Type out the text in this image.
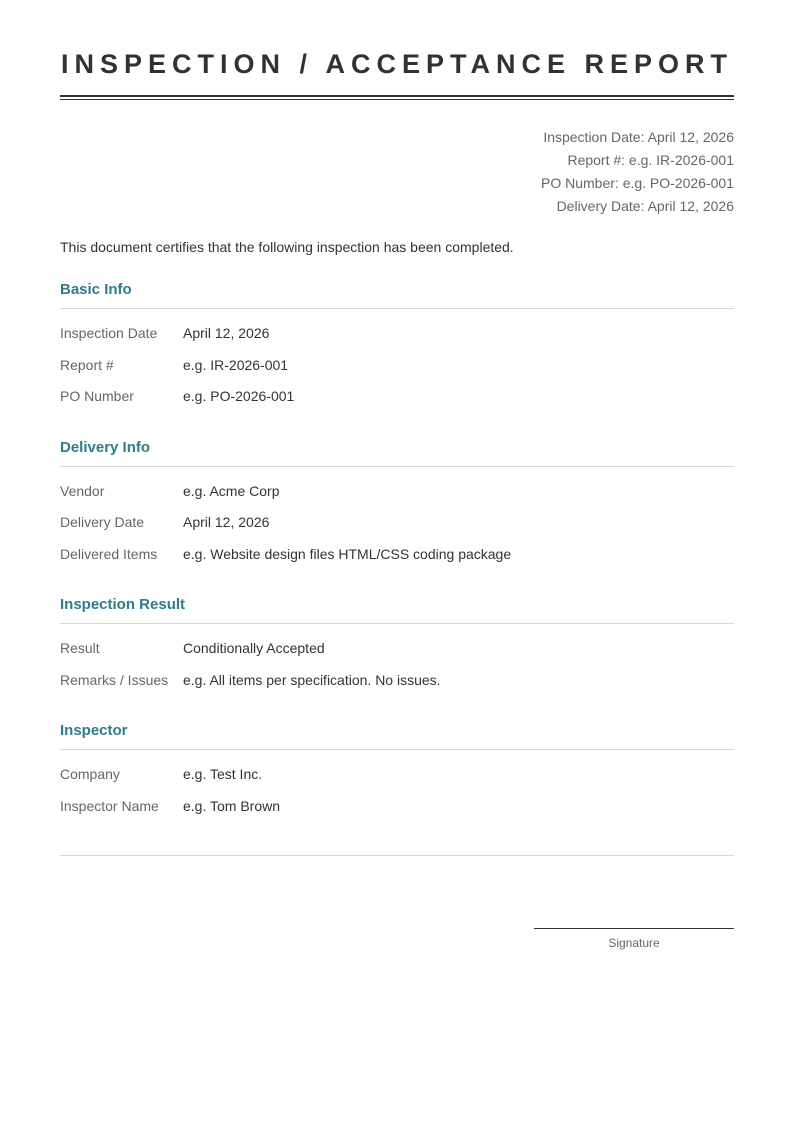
INSPECTION / ACCEPTANCE REPORT
Inspection Date: April 12, 2026
Report #: e.g. IR-2026-001
PO Number: e.g. PO-2026-001
Delivery Date: April 12, 2026
This document certifies that the following inspection has been completed.
Basic Info
Inspection Date	April 12, 2026
Report #	e.g. IR-2026-001
PO Number	e.g. PO-2026-001
Delivery Info
Vendor	e.g. Acme Corp
Delivery Date	April 12, 2026
Delivered Items	e.g. Website design files HTML/CSS coding package
Inspection Result
Result	Conditionally Accepted
Remarks / Issues	e.g. All items per specification. No issues.
Inspector
Company	e.g. Test Inc.
Inspector Name	e.g. Tom Brown
Signature
